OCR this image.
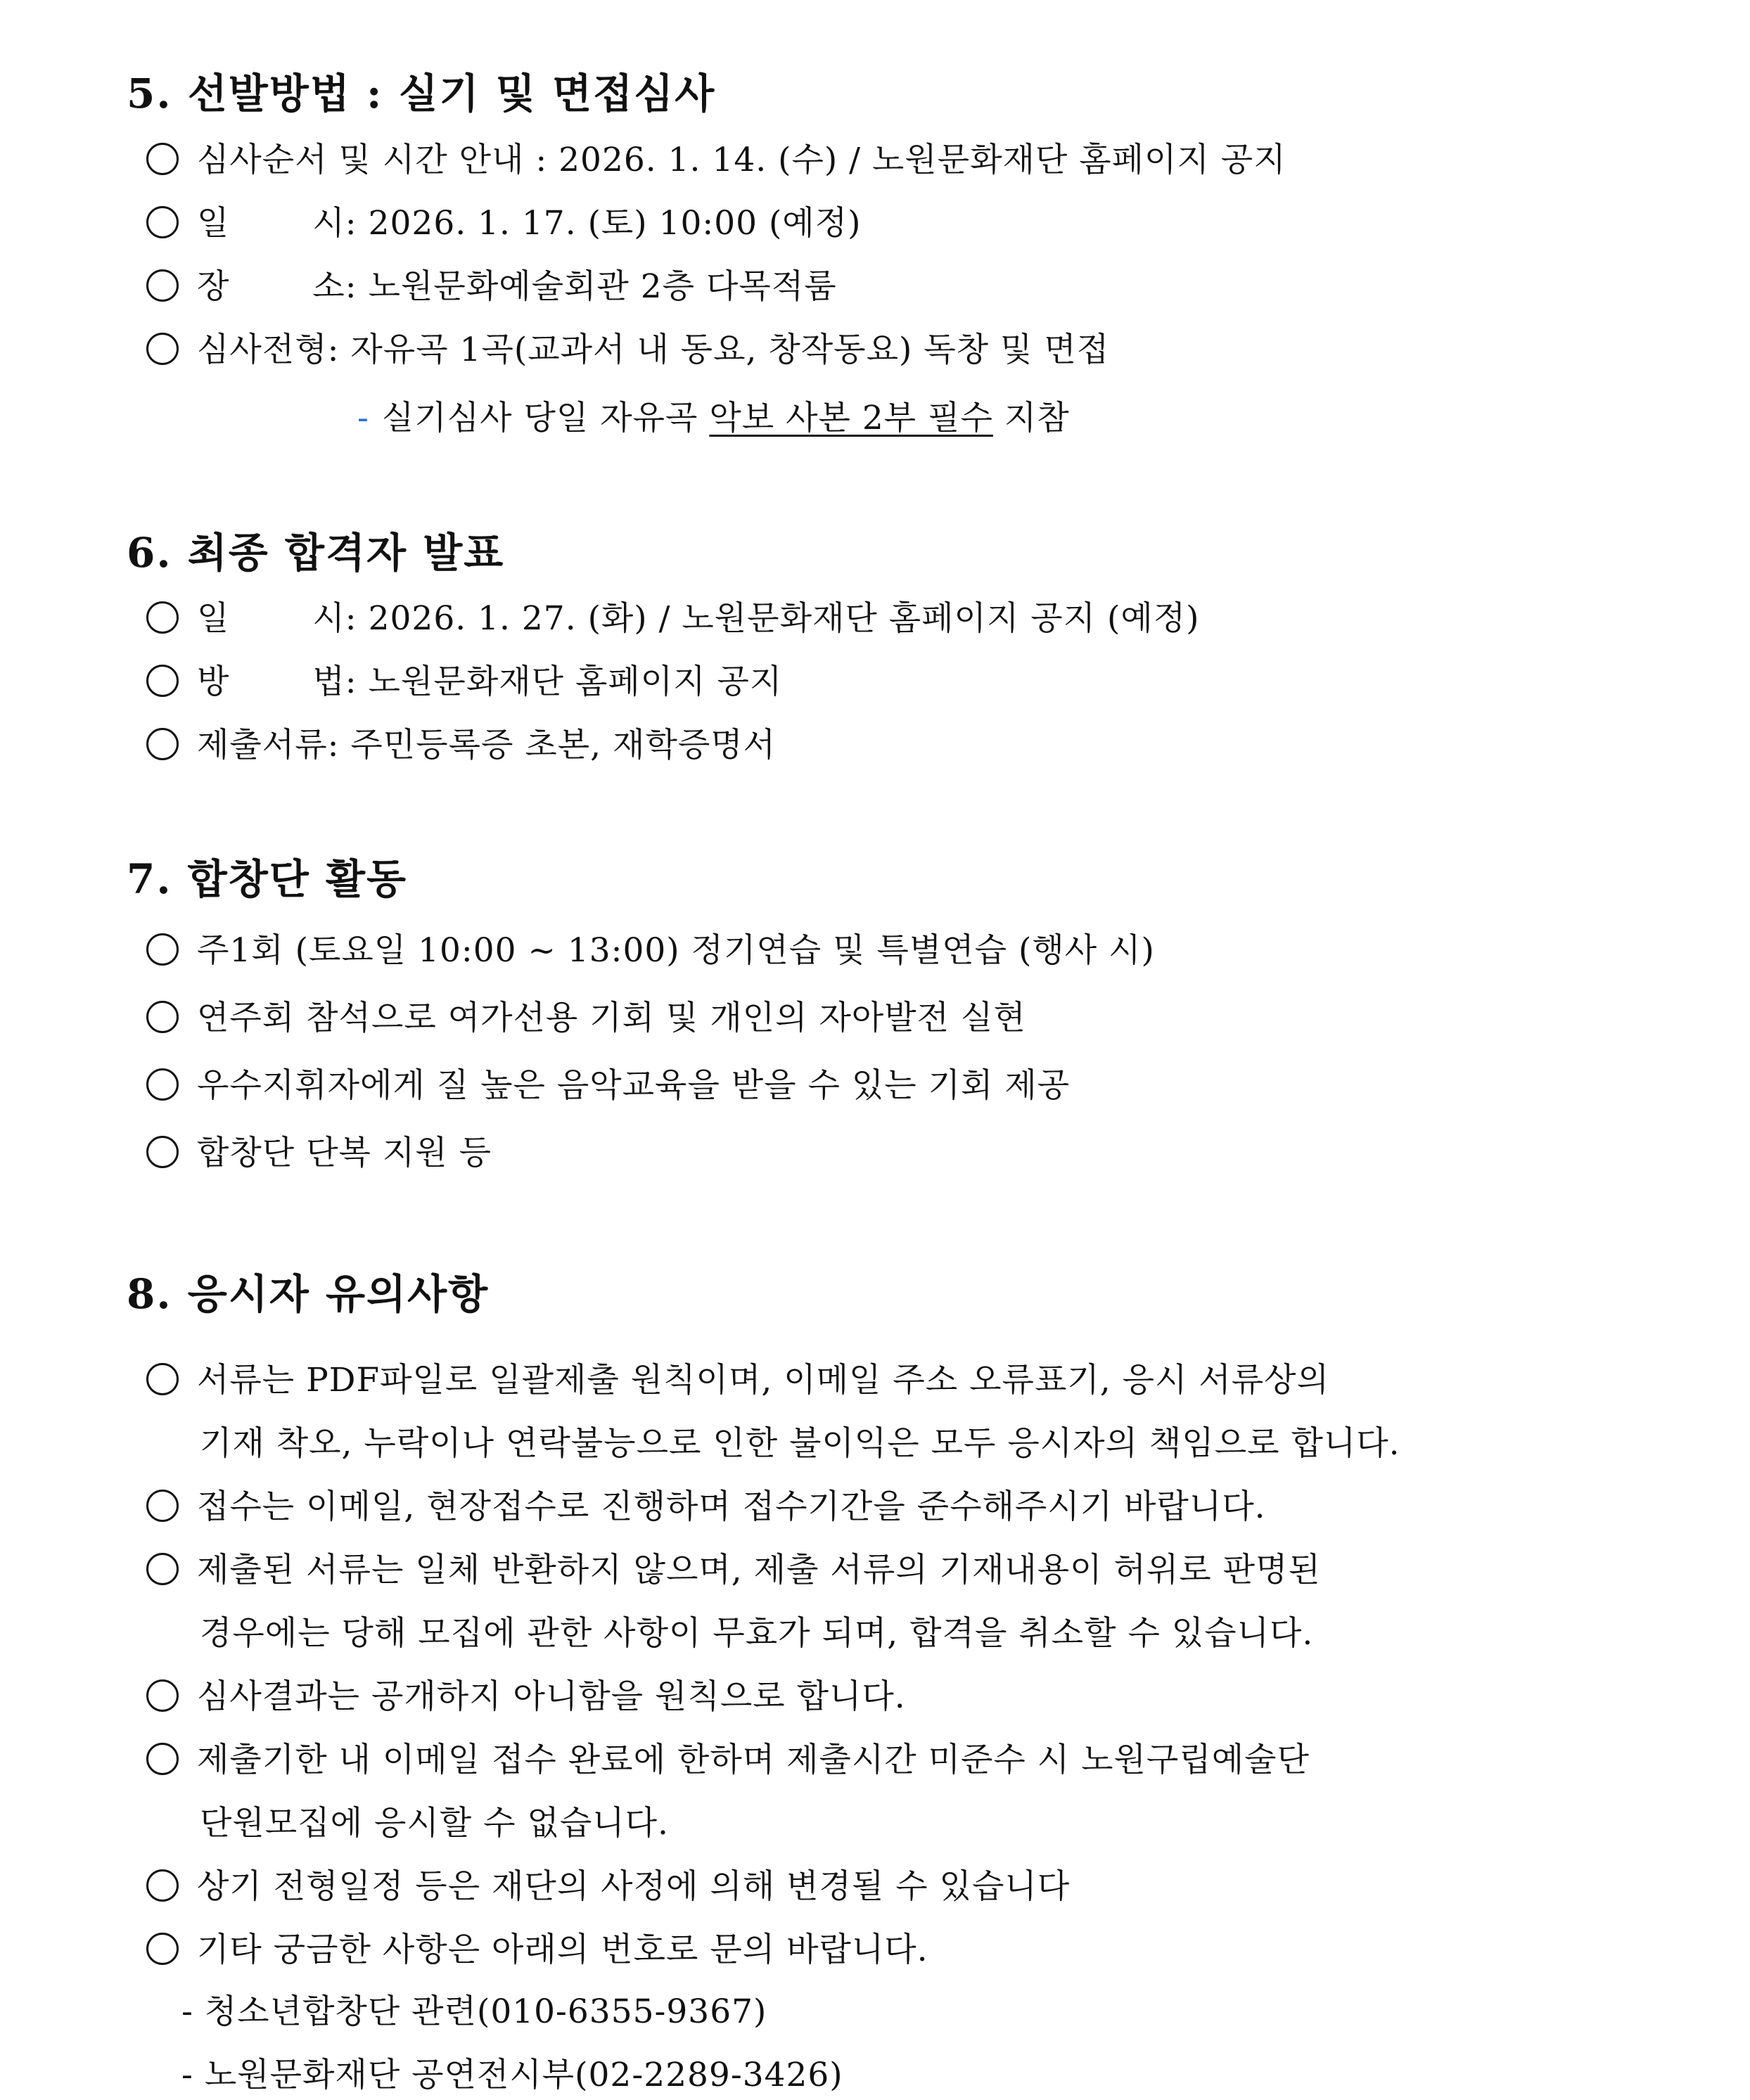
5. 선발방법 : 실기 및 면접심사
심사순서 및 시간 안내 : 2026. 1. 14. (수) / 노원문화재단 홈페이지 공지
일	시: 2026. 1. 17. (토) 10:00 (예정)
장	소: 노원문화예술회관 2층 다목적룸
심사전형: 자유곡 1곡(교과서 내 동요, 창작동요) 독창 및 면접
- 실기심사 당일 자유곡 악보 사본 2부 필수 지참
6. 최종 합격자 발표
일	시: 2026. 1. 27. (화) / 노원문화재단 홈페이지 공지 (예정)
방	법: 노원문화재단 홈페이지 공지
제출서류: 주민등록증 초본, 재학증명서
7. 합창단 활동
주1회 (토요일 10:00 ~ 13:00) 정기연습 및 특별연습 (행사 시)
연주회 참석으로 여가선용 기회 및 개인의 자아발전 실현
우수지휘자에게 질 높은 음악교육을 받을 수 있는 기회 제공
합창단 단복 지원 등
8. 응시자 유의사항
서류는 PDF파일로 일괄제출 원칙이며, 이메일 주소 오류표기, 응시 서류상의
기재 착오, 누락이나 연락불능으로 인한 불이익은 모두 응시자의 책임으로 합니다.
접수는 이메일, 현장접수로 진행하며 접수기간을 준수해주시기 바랍니다.
제출된 서류는 일체 반환하지 않으며, 제출 서류의 기재내용이 허위로 판명된
경우에는 당해 모집에 관한 사항이 무효가 되며, 합격을 취소할 수 있습니다.
심사결과는 공개하지 아니함을 원칙으로 합니다.
제출기한 내 이메일 접수 완료에 한하며 제출시간 미준수 시 노원구립예술단
단원모집에 응시할 수 없습니다.
상기 전형일정 등은 재단의 사정에 의해 변경될 수 있습니다
기타 궁금한 사항은 아래의 번호로 문의 바랍니다.
- 청소년합창단 관련(010-6355-9367)
- 노원문화재단 공연전시부(02-2289-3426)
